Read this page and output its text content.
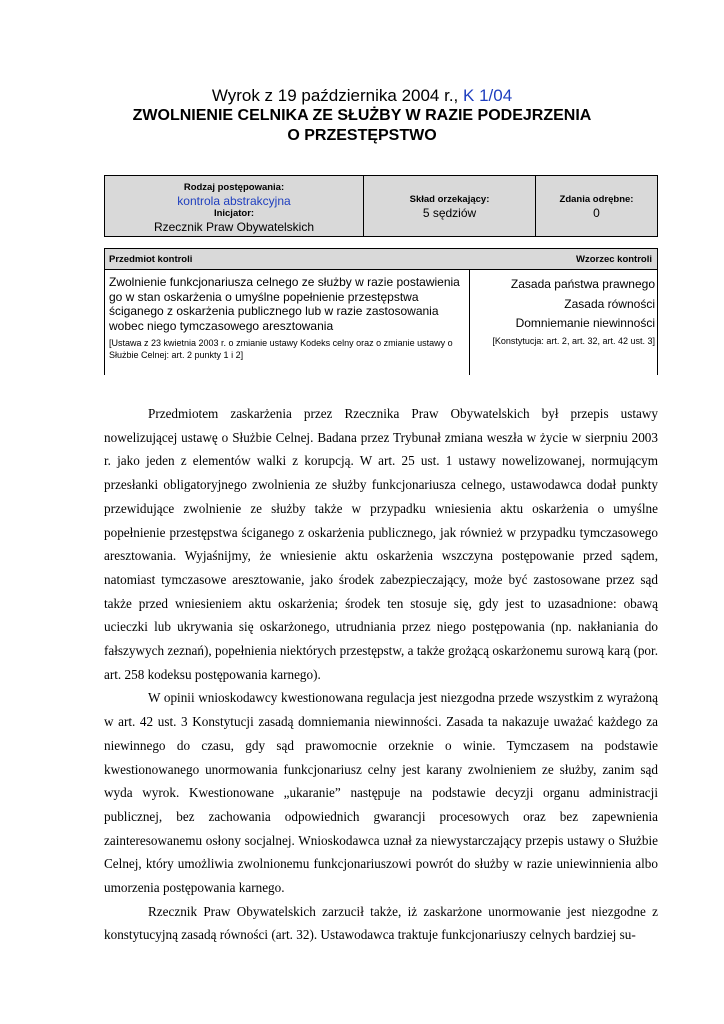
Wyrok z 19 października 2004 r., K 1/04
ZWOLNIENIE CELNIKA ZE SŁUŻBY W RAZIE PODEJRZENIA
O PRZESTĘPSTWO
Rodzaj postępowania:
kontrola abstrakcyjna
Inicjator:
Rzecznik Praw Obywatelskich
Skład orzekający:
5 sędziów
Zdania odrębne:
0
Przedmiot kontroli	Wzorzec kontroli
Zwolnienie funkcjonariusza celnego ze służby w razie postawienia go w stan oskarżenia o umyślne popełnienie przestępstwa ściganego z oskarżenia publicznego lub w razie zastosowania wobec niego tymczasowego aresztowania
[Ustawa z 23 kwietnia 2003 r. o zmianie ustawy Kodeks celny oraz o zmianie ustawy o Służbie Celnej: art. 2 punkty 1 i 2]
Zasada państwa prawnego
Zasada równości
Domniemanie niewinności
[Konstytucja: art. 2, art. 32, art. 42 ust. 3]

Przedmiotem zaskarżenia przez Rzecznika Praw Obywatelskich był przepis ustawy nowelizującej ustawę o Służbie Celnej. Badana przez Trybunał zmiana weszła w życie w sierpniu 2003 r. jako jeden z elementów walki z korupcją. W art. 25 ust. 1 ustawy nowelizowanej, normującym przesłanki obligatoryjnego zwolnienia ze służby funkcjonariusza celnego, ustawodawca dodał punkty przewidujące zwolnienie ze służby także w przypadku wniesienia aktu oskarżenia o umyślne popełnienie przestępstwa ściganego z oskarżenia publicznego, jak również w przypadku tymczasowego aresztowania. Wyjaśnijmy, że wniesienie aktu oskarżenia wszczyna postępowanie przed sądem, natomiast tymczasowe aresztowanie, jako środek zabezpieczający, może być zastosowane przez sąd także przed wniesieniem aktu oskarżenia; środek ten stosuje się, gdy jest to uzasadnione: obawą ucieczki lub ukrywania się oskarżonego, utrudniania przez niego postępowania (np. nakłaniania do fałszywych zeznań), popełnienia niektórych przestępstw, a także grożącą oskarżonemu surową karą (por. art. 258 kodeksu postępowania karnego).

W opinii wnioskodawcy kwestionowana regulacja jest niezgodna przede wszystkim z wyrażoną w art. 42 ust. 3 Konstytucji zasadą domniemania niewinności. Zasada ta nakazuje uważać każdego za niewinnego do czasu, gdy sąd prawomocnie orzeknie o winie. Tymczasem na podstawie kwestionowanego unormowania funkcjonariusz celny jest karany zwolnieniem ze służby, zanim sąd wyda wyrok. Kwestionowane „ukaranie” następuje na podstawie decyzji organu administracji publicznej, bez zachowania odpowiednich gwarancji procesowych oraz bez zapewnienia zainteresowanemu osłony socjalnej. Wnioskodawca uznał za niewystarczający przepis ustawy o Służbie Celnej, który umożliwia zwolnionemu funkcjonariuszowi powrót do służby w razie uniewinnienia albo umorzenia postępowania karnego.

Rzecznik Praw Obywatelskich zarzucił także, iż zaskarżone unormowanie jest niezgodne z konstytucyjną zasadą równości (art. 32). Ustawodawca traktuje funkcjonariuszy celnych bardziej su-
